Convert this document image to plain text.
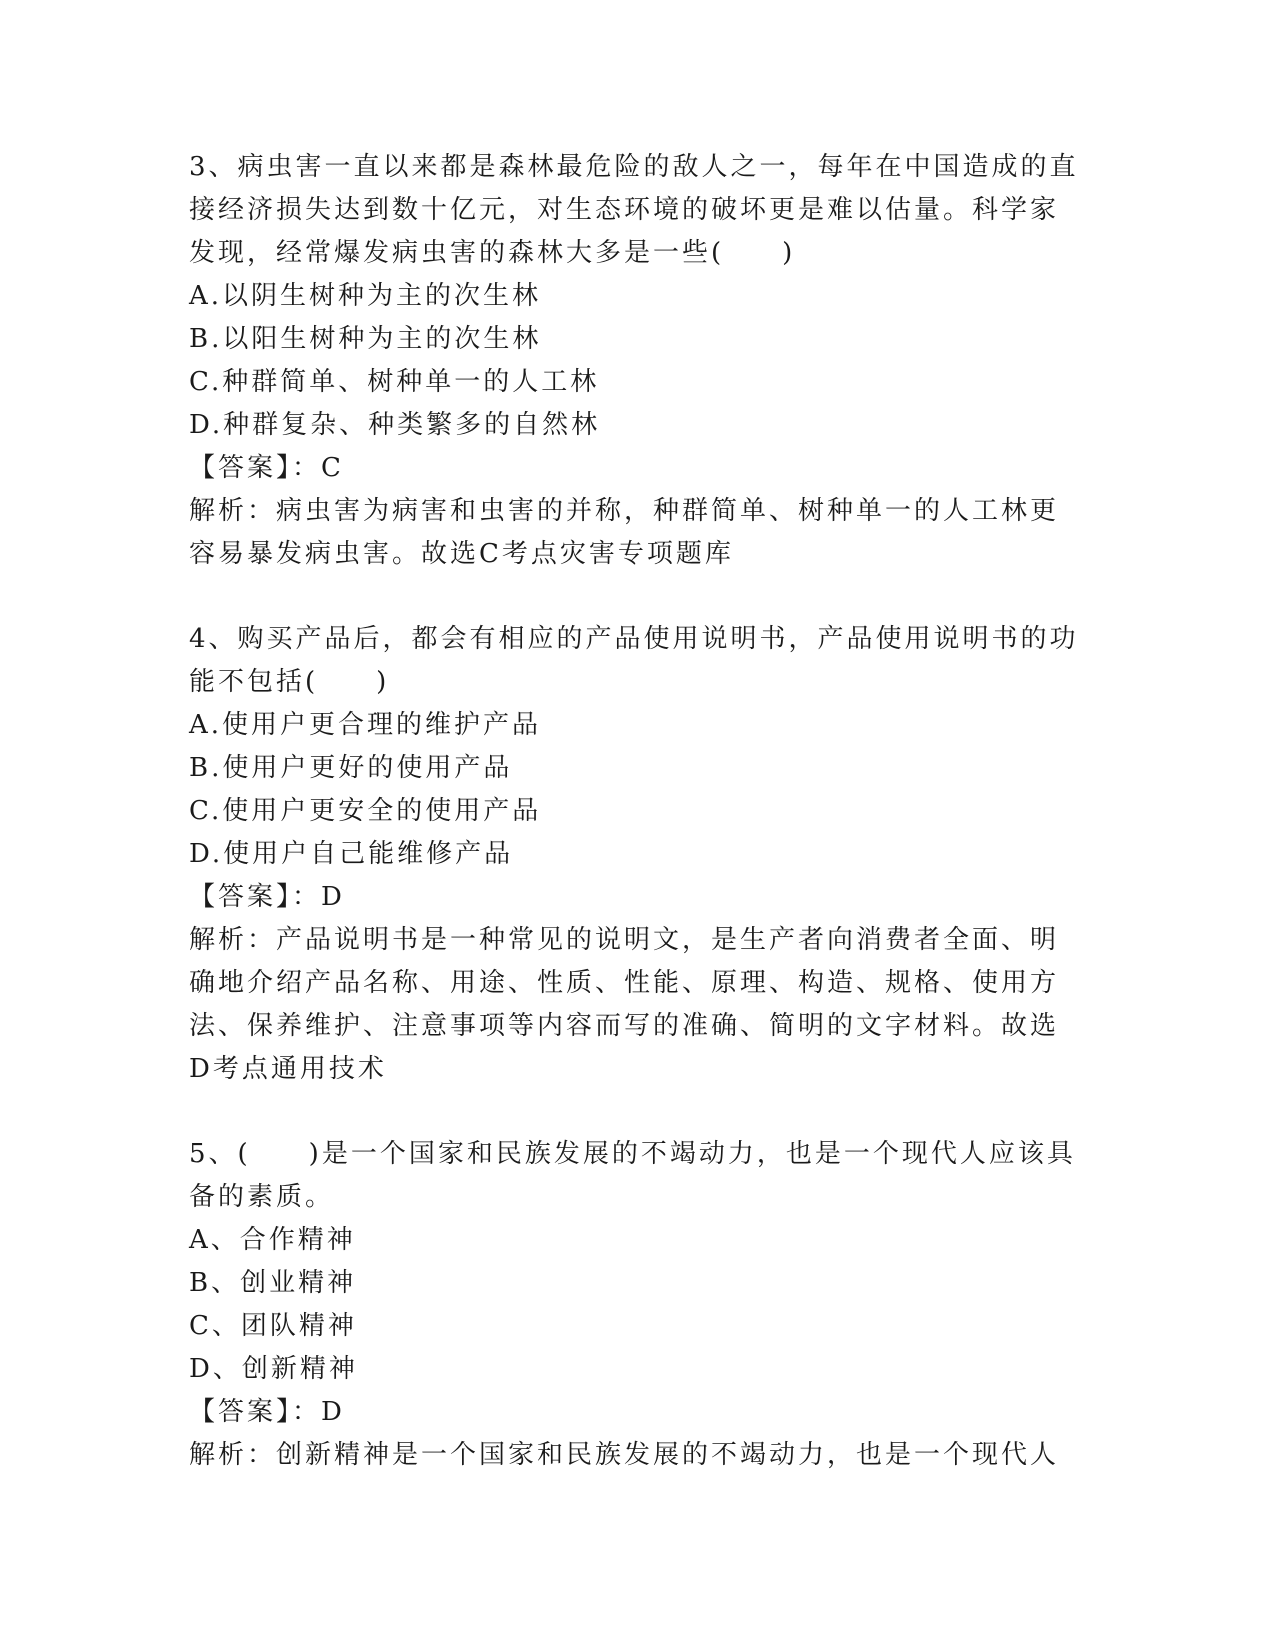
3、病虫害一直以来都是森林最危险的敌人之一，每年在中国造成的直
接经济损失达到数十亿元，对生态环境的破坏更是难以估量。科学家
发现，经常爆发病虫害的森林大多是一些(　　)
A.以阴生树种为主的次生林
B.以阳生树种为主的次生林
C.种群简单、树种单一的人工林
D.种群复杂、种类繁多的自然林
【答案】：C
解析：病虫害为病害和虫害的并称，种群简单、树种单一的人工林更
容易暴发病虫害。故选C考点灾害专项题库
4、购买产品后，都会有相应的产品使用说明书，产品使用说明书的功
能不包括(　　)
A.使用户更合理的维护产品
B.使用户更好的使用产品
C.使用户更安全的使用产品
D.使用户自己能维修产品
【答案】：D
解析：产品说明书是一种常见的说明文，是生产者向消费者全面、明
确地介绍产品名称、用途、性质、性能、原理、构造、规格、使用方
法、保养维护、注意事项等内容而写的准确、简明的文字材料。故选
D考点通用技术
5、(　　)是一个国家和民族发展的不竭动力，也是一个现代人应该具
备的素质。
A、合作精神
B、创业精神
C、团队精神
D、创新精神
【答案】：D
解析：创新精神是一个国家和民族发展的不竭动力，也是一个现代人
